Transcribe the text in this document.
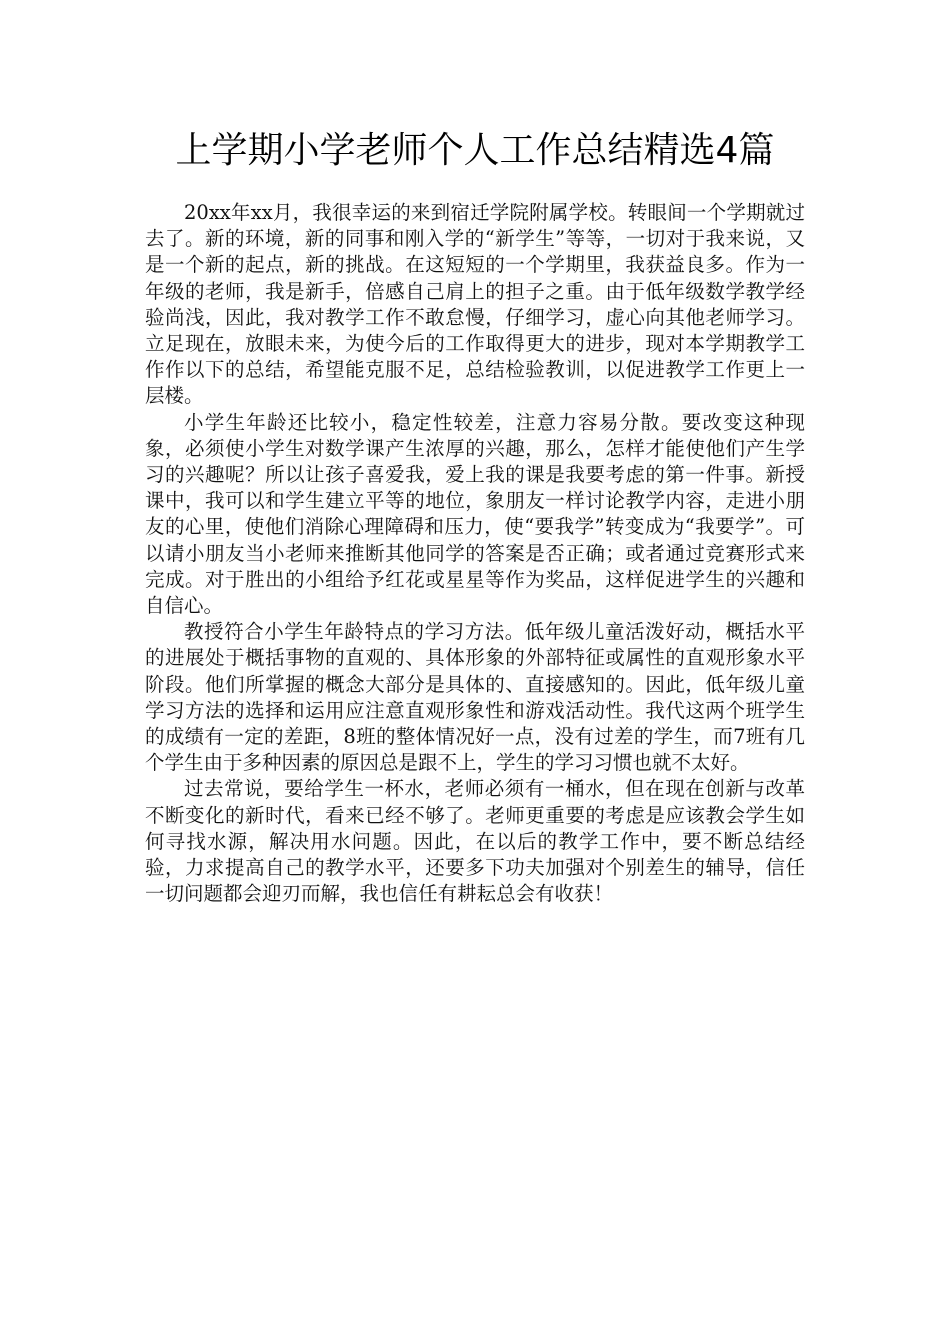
上学期小学老师个人工作总结精选4篇

20xx年xx月，我很幸运的来到宿迁学院附属学校。转眼间一个学期就过去了。新的环境，新的同事和刚入学的“新学生”等等，一切对于我来说，又是一个新的起点，新的挑战。在这短短的一个学期里，我获益良多。作为一年级的老师，我是新手，倍感自己肩上的担子之重。由于低年级数学教学经验尚浅，因此，我对教学工作不敢怠慢，仔细学习，虚心向其他老师学习。立足现在，放眼未来，为使今后的工作取得更大的进步，现对本学期教学工作作以下的总结，希望能克服不足，总结检验教训，以促进教学工作更上一层楼。

小学生年龄还比较小，稳定性较差，注意力容易分散。要改变这种现象，必须使小学生对数学课产生浓厚的兴趣，那么，怎样才能使他们产生学习的兴趣呢？所以让孩子喜爱我，爱上我的课是我要考虑的第一件事。新授课中，我可以和学生建立平等的地位，象朋友一样讨论教学内容，走进小朋友的心里，使他们消除心理障碍和压力，使“要我学”转变成为“我要学”。可以请小朋友当小老师来推断其他同学的答案是否正确；或者通过竞赛形式来完成。对于胜出的小组给予红花或星星等作为奖品，这样促进学生的兴趣和自信心。

教授符合小学生年龄特点的学习方法。低年级儿童活泼好动，概括水平的进展处于概括事物的直观的、具体形象的外部特征或属性的直观形象水平阶段。他们所掌握的概念大部分是具体的、直接感知的。因此，低年级儿童学习方法的选择和运用应注意直观形象性和游戏活动性。我代这两个班学生的成绩有一定的差距，8班的整体情况好一点，没有过差的学生，而7班有几个学生由于多种因素的原因总是跟不上，学生的学习习惯也就不太好。

过去常说，要给学生一杯水，老师必须有一桶水，但在现在创新与改革不断变化的新时代，看来已经不够了。老师更重要的考虑是应该教会学生如何寻找水源，解决用水问题。因此，在以后的教学工作中，要不断总结经验，力求提高自己的教学水平，还要多下功夫加强对个别差生的辅导，信任一切问题都会迎刃而解，我也信任有耕耘总会有收获！
